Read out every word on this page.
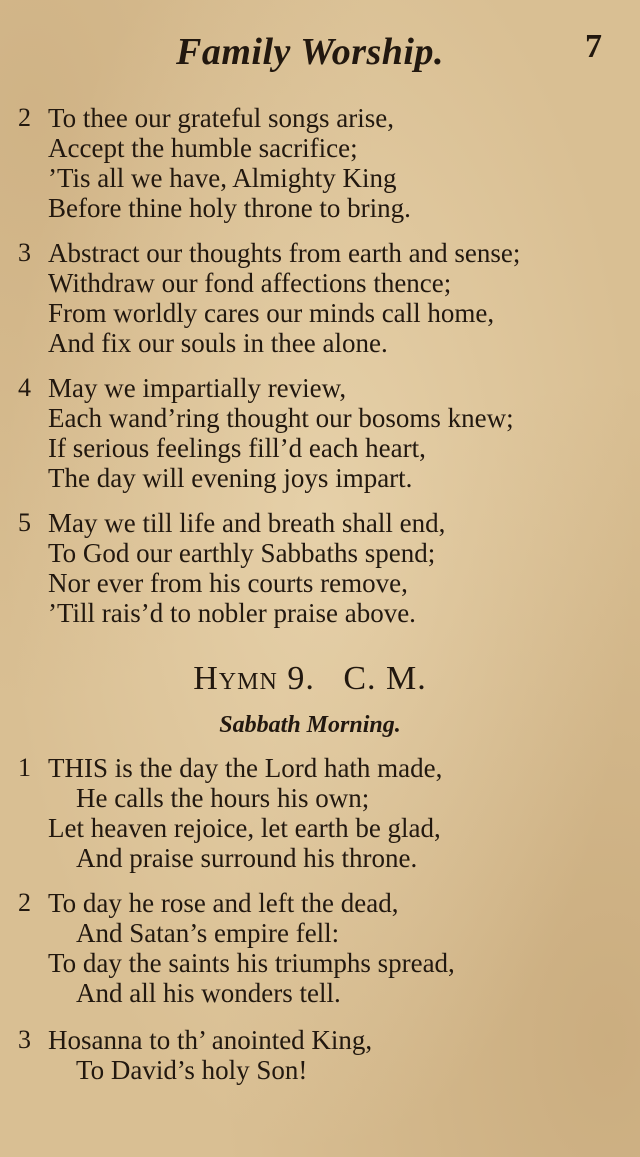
Family Worship.	7
2 To thee our grateful songs arise,
Accept the humble sacrifice;
’Tis all we have, Almighty King
Before thine holy throne to bring.
3 Abstract our thoughts from earth and sense;
Withdraw our fond affections thence;
From worldly cares our minds call home,
And fix our souls in thee alone.
4 May we impartially review,
Each wand’ring thought our bosoms knew;
If serious feelings fill’d each heart,
The day will evening joys impart.
5 May we till life and breath shall end,
To God our earthly Sabbaths spend;
Nor ever from his courts remove,
’Till rais’d to nobler praise above.
Hymn 9.   C. M.
Sabbath Morning.
1 THIS is the day the Lord hath made,
He calls the hours his own;
Let heaven rejoice, let earth be glad,
And praise surround his throne.
2 To day he rose and left the dead,
And Satan’s empire fell:
To day the saints his triumphs spread,
And all his wonders tell.
3 Hosanna to th’ anointed King,
To David’s holy Son!
